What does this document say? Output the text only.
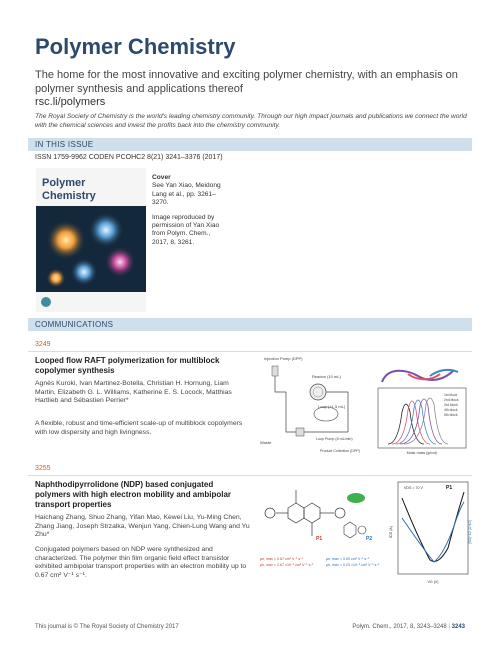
Polymer Chemistry
The home for the most innovative and exciting polymer chemistry, with an emphasis on polymer synthesis and applications thereof
rsc.li/polymers
The Royal Society of Chemistry is the world's leading chemistry community. Through our high impact journals and publications we connect the world with the chemical sciences and invest the profits back into the chemistry community.
IN THIS ISSUE
ISSN 1759-9962 CODEN PCOHC2 8(21) 3241–3376 (2017)
Polymer
Chemistry
Cover
See Yan Xiao, Meidong Lang et al., pp. 3261–3270.
Image reproduced by permission of Yan Xiao from Polym. Chem., 2017, 8, 3261.
COMMUNICATIONS
3249
Looped flow RAFT polymerization for multiblock copolymer synthesis
Agnès Kuroki, Ivan Martinez-Botella, Christian H. Hornung, Liam Martin, Elizabeth G. L. Williams, Katherine E. S. Locock, Matthias Hartlieb and Sébastien Perrier*
A flexible, robust and time-efficient scale-up of multiblock copolymers with low dispersity and high livingness.
Injection Pump (DPP)
Reactor (10 mL)
Loop (+1.5 mL)
Waste
Loop Pump (8 mL/min)
Product Collection (DPP)	Molar mass (g/mol)
1st block
2nd block
3rd block
4th block
5th block
3255
Naphthodipyrrolidone (NDP) based conjugated polymers with high electron mobility and ambipolar transport properties
Haichang Zhang, Shuo Zhang, Yifan Mao, Kewei Liu, Yu-Ming Chen, Zhang Jiang, Joseph Strzalka, Wenjun Yang, Chien-Lung Wang and Yu Zhu*
Conjugated polymers based on NDP were synthesized and characterized. The polymer thin film organic field effect transistor exhibited ambipolar transport properties with an electron mobility up to 0.67 cm² V⁻¹ s⁻¹.
P1
μe, max = 0.67 cm² V⁻¹ s⁻¹
μh, max = 2.67 ×10⁻² cm² V⁻¹ s⁻¹
P2
μe, max = 0.00 cm² V⁻¹ s⁻¹
μh, max = 0.23 ×10⁻² cm² V⁻¹ s⁻¹
VDS = 70 V	P1
VG (V)
IDS (A)	|IDS|^1/2 (A^1/2)
This journal is © The Royal Society of Chemistry 2017	Polym. Chem., 2017, 8, 3243–3248 | 3243
